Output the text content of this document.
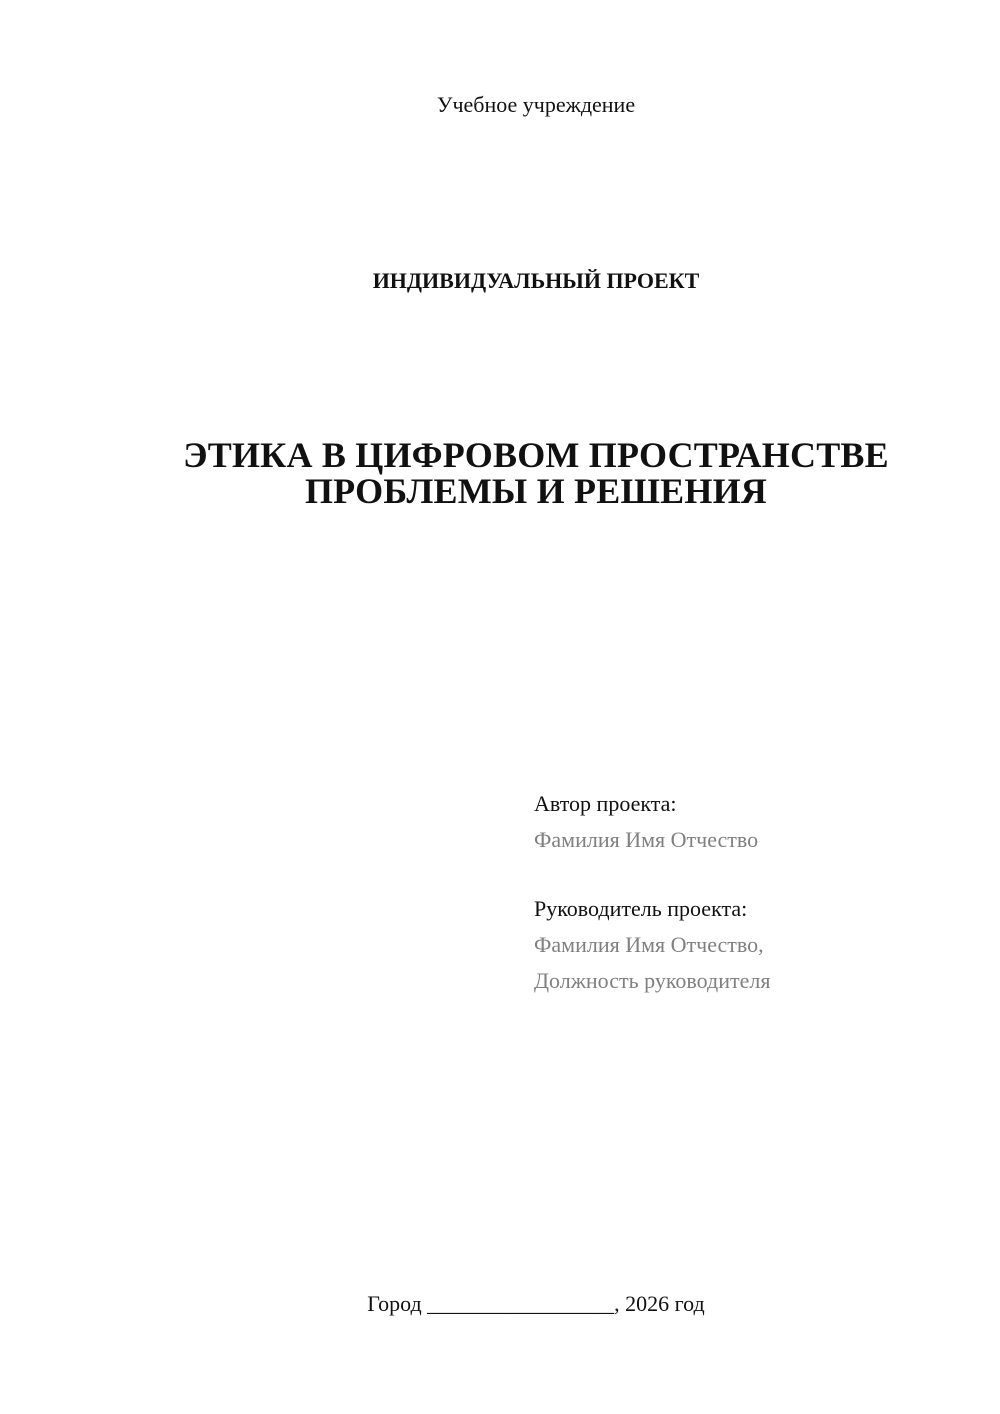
Учебное учреждение
ИНДИВИДУАЛЬНЫЙ ПРОЕКТ
ЭТИКА В ЦИФРОВОМ ПРОСТРАНСТВЕ
ПРОБЛЕМЫ И РЕШЕНИЯ
Автор проекта:
Фамилия Имя Отчество
Руководитель проекта:
Фамилия Имя Отчество,
Должность руководителя
Город _________________, 2026 год
